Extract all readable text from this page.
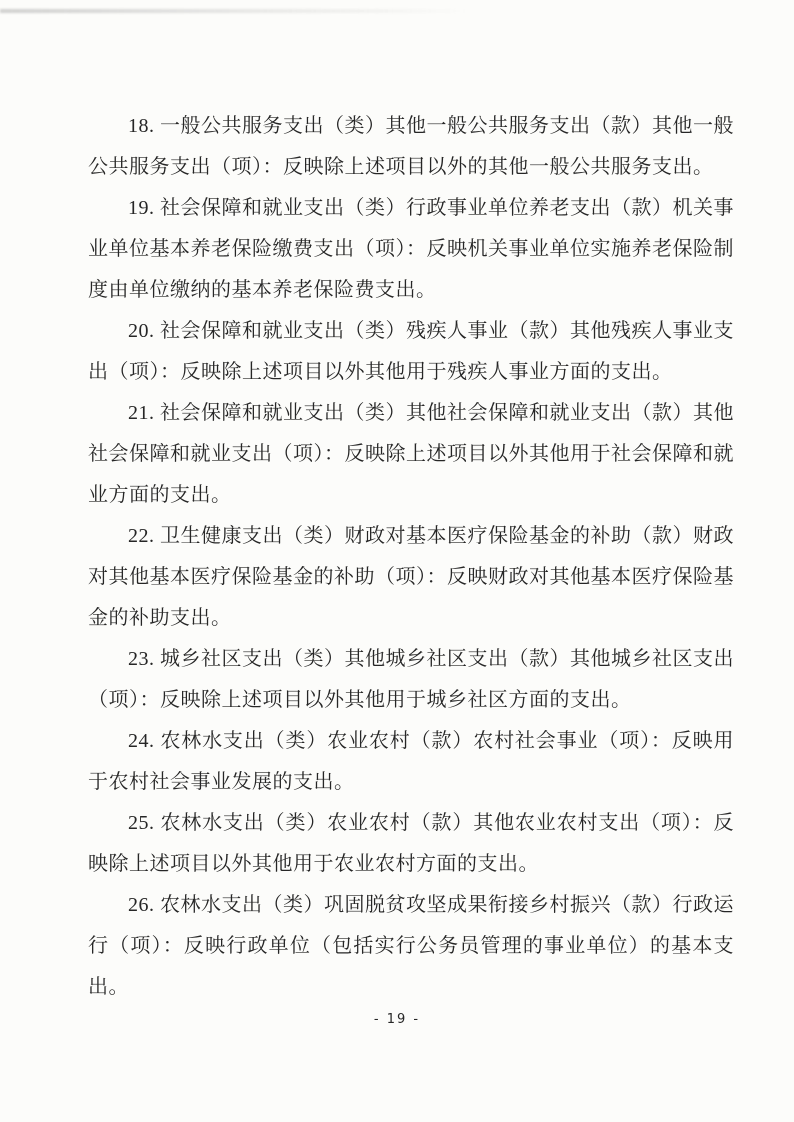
18. 一般公共服务支出（类）其他一般公共服务支出（款）其他一般公共服务支出（项）：反映除上述项目以外的其他一般公共服务支出。

19. 社会保障和就业支出（类）行政事业单位养老支出（款）机关事业单位基本养老保险缴费支出（项）：反映机关事业单位实施养老保险制度由单位缴纳的基本养老保险费支出。

20. 社会保障和就业支出（类）残疾人事业（款）其他残疾人事业支出（项）：反映除上述项目以外其他用于残疾人事业方面的支出。

21. 社会保障和就业支出（类）其他社会保障和就业支出（款）其他社会保障和就业支出（项）：反映除上述项目以外其他用于社会保障和就业方面的支出。

22. 卫生健康支出（类）财政对基本医疗保险基金的补助（款）财政对其他基本医疗保险基金的补助（项）：反映财政对其他基本医疗保险基金的补助支出。

23. 城乡社区支出（类）其他城乡社区支出（款）其他城乡社区支出（项）：反映除上述项目以外其他用于城乡社区方面的支出。

24. 农林水支出（类）农业农村（款）农村社会事业（项）：反映用于农村社会事业发展的支出。

25. 农林水支出（类）农业农村（款）其他农业农村支出（项）：反映除上述项目以外其他用于农业农村方面的支出。

26. 农林水支出（类）巩固脱贫攻坚成果衔接乡村振兴（款）行政运行（项）：反映行政单位（包括实行公务员管理的事业单位）的基本支出。

- 19 -
